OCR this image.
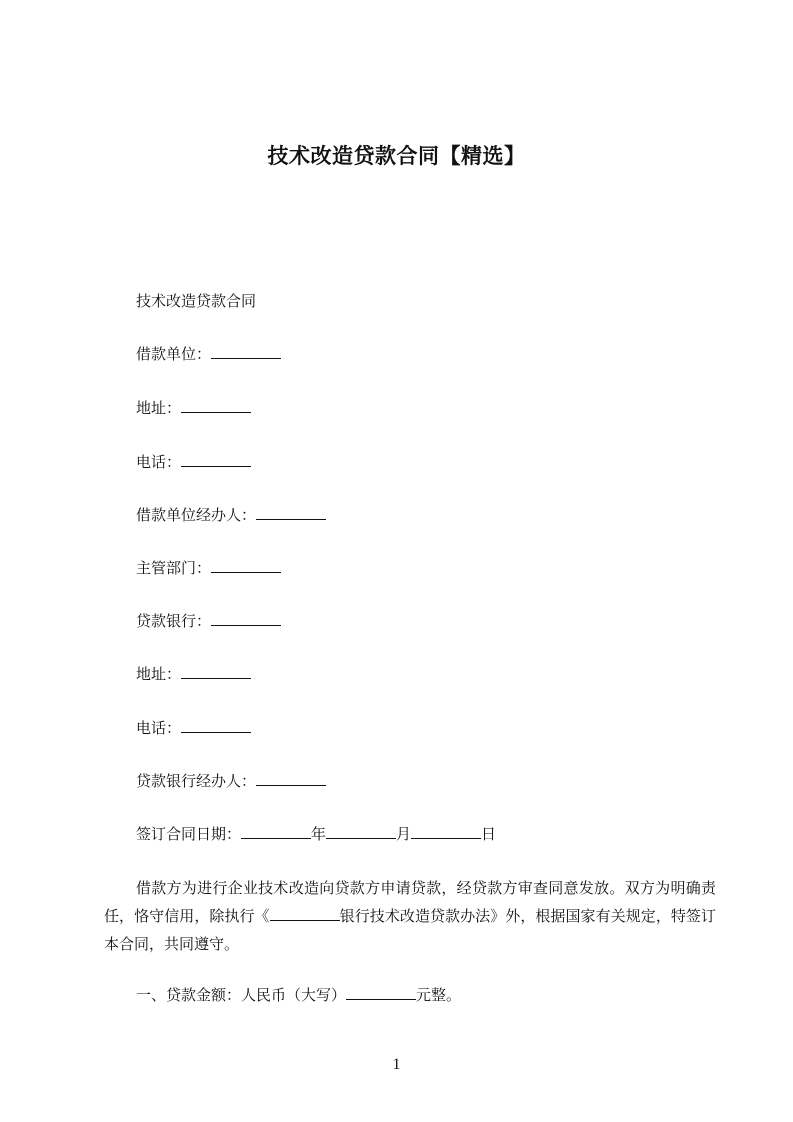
技术改造贷款合同【精选】
技术改造贷款合同
借款单位：
地址：
电话：
借款单位经办人：
主管部门：
贷款银行：
地址：
电话：
贷款银行经办人：
签订合同日期：	年	月	日
借款方为进行企业技术改造向贷款方申请贷款，经贷款方审查同意发放。双方为明确责任，恪守信用，除执行《	银行技术改造贷款办法》外，根据国家有关规定，特签订本合同，共同遵守。
一、贷款金额：人民币（大写）	元整。
1
